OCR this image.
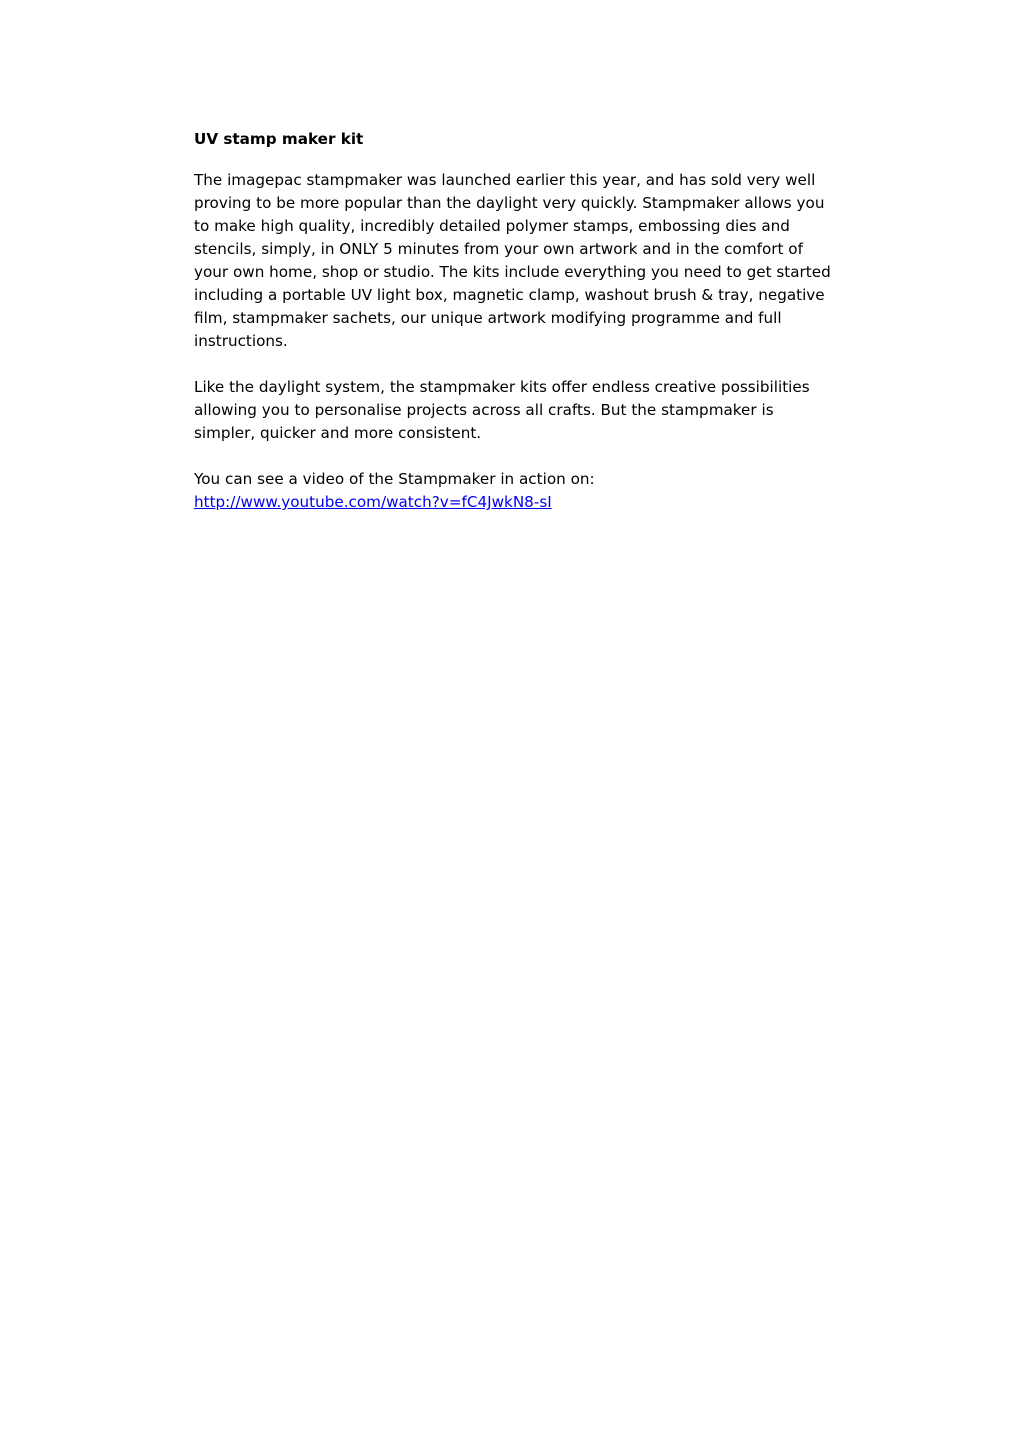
UV stamp maker kit

The imagepac stampmaker was launched earlier this year, and has sold very well proving to be more popular than the daylight very quickly. Stampmaker allows you to make high quality, incredibly detailed polymer stamps, embossing dies and stencils, simply, in ONLY 5 minutes from your own artwork and in the comfort of your own home, shop or studio. The kits include everything you need to get started including a portable UV light box, magnetic clamp, washout brush & tray, negative film, stampmaker sachets, our unique artwork modifying programme and full instructions.

Like the daylight system, the stampmaker kits offer endless creative possibilities allowing you to personalise projects across all crafts. But the stampmaker is simpler, quicker and more consistent.

You can see a video of the Stampmaker in action on:
http://www.youtube.com/watch?v=fC4JwkN8-sI
